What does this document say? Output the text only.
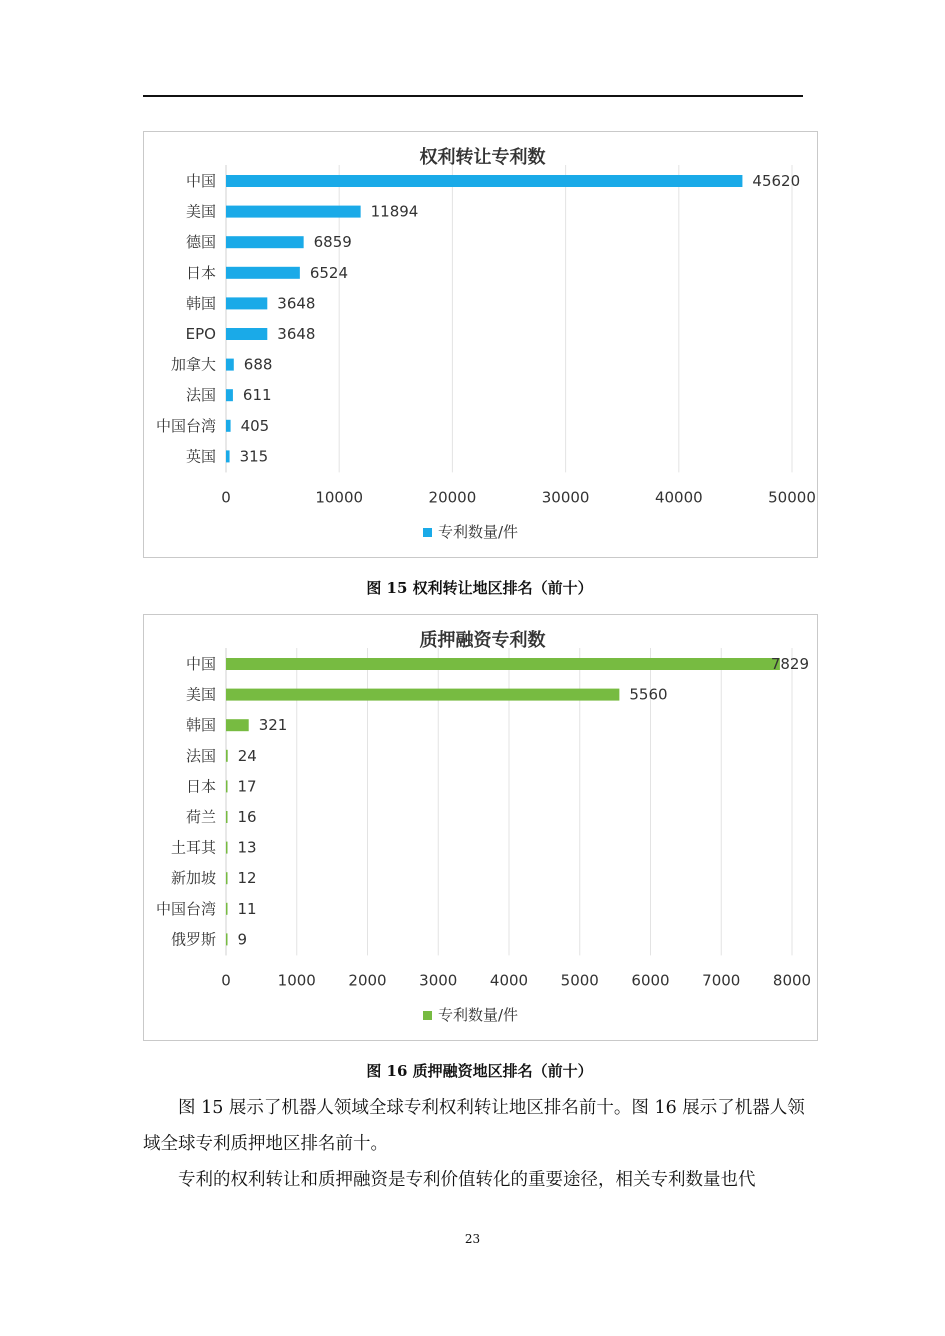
权利转让专利数
0	10000	20000	30000	40000	50000
中国	45620
美国	11894
德国	6859
日本	6524
韩国	3648
EPO	3648
加拿大 688
法国 611
中国台湾 405
英国 315
专利数量/件
图 15 权利转让地区排名（前十）
质押融资专利数
0	1000 2000 3000 4000 5000 6000 7000 8000
中国	7829
美国	5560
韩国	321
法国 24
日本 17
荷兰 16
土耳其 13
新加坡 12
中国台湾 11
俄罗斯 9
专利数量/件
图 16 质押融资地区排名（前十）

图 15 展示了机器人领域全球专利权利转让地区排名前十。图 16 展示了机器人领域全球专利质押地区排名前十。

专利的权利转让和质押融资是专利价值转化的重要途径，相关专利数量也代

23
